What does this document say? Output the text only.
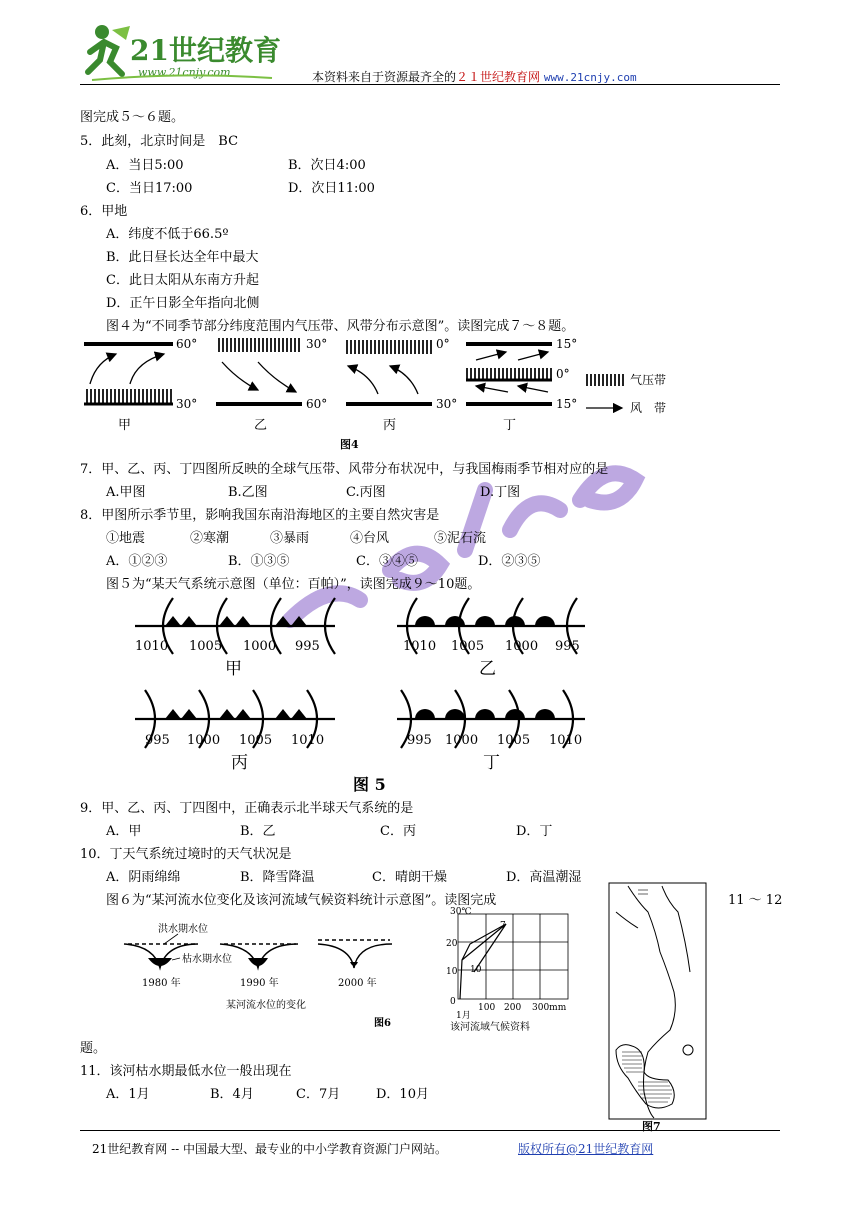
21世纪教育
www.21cnjy.com	本资料来自于资源最齐全的２１世纪教育网 www.21cnjy.com
图完成５～６题。
5．此刻，北京时间是　BC
A．当日5:00	B．次日4:00
C．当日17:00	D．次日11:00
6．甲地
A．纬度不低于66.5º
B．此日昼长达全年中最大
C．此日太阳从东南方升起
D．正午日影全年指向北侧
图４为“不同季节部分纬度范围内气压带、风带分布示意图”。读图完成７～８题。
60°
30°
甲
30°
60°
乙
0°
30°
丙
15°
0°
15°
丁
气压带
风　带
图4
7．甲、乙、丙、丁四图所反映的全球气压带、风带分布状况中，与我国梅雨季节相对应的是
A.甲图	B.乙图	C.丙图	D.丁图
8．甲图所示季节里，影响我国东南沿海地区的主要自然灾害是
①地震	②寒潮	③暴雨	④台风	⑤泥石流
A．①②③	B．①③⑤	C．③④⑤	D．②③⑤
图５为“某天气系统示意图（单位：百帕）”，读图完成９～10题。
1010 1005 1000 995
甲
1010 1005 1000 995
乙
995 1000 1005 1010
丙
995 1000 1005 1010
丁
图 5
9．甲、乙、丙、丁四图中，正确表示北半球天气系统的是
A．甲	B．乙	C．丙	D．丁
10．丁天气系统过境时的天气状况是
A．阴雨绵绵	B．降雪降温	C．晴朗干燥	D．高温潮湿
图６为“某河流水位变化及该河流域气候资料统计示意图”。读图完成	11 ～ 12
洪水期水位
枯水期水位
1980 年	1990 年	2000 年
某河流水位的变化
图6
30℃
20
10
0
100 200 300mm
1月
10
7
该河流域气候资料
图7
题。
11．该河枯水期最低水位一般出现在
A．1月	B．4月	C．7月	D．10月
21世纪教育网 -- 中国最大型、最专业的中小学教育资源门户网站。	版权所有@21世纪教育网
